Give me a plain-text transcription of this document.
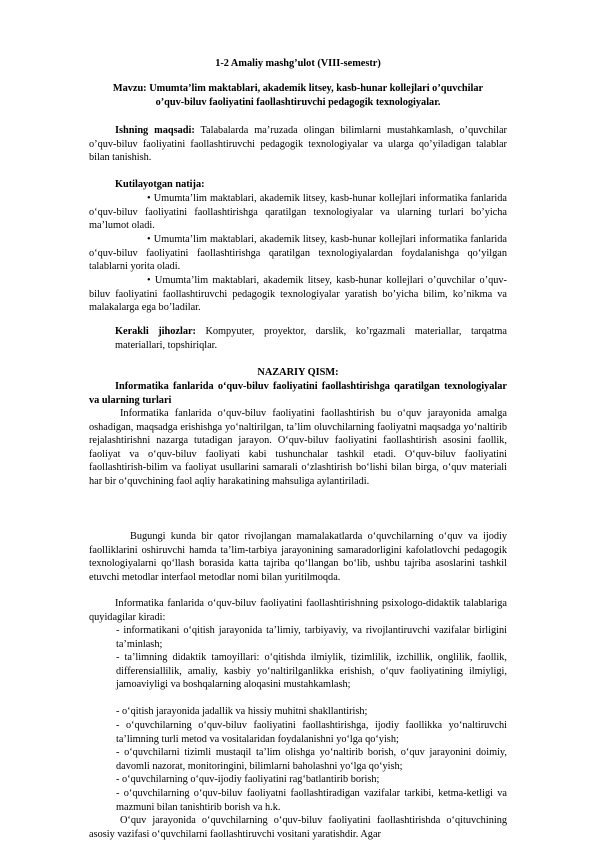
1-2 Amaliy mashg’ulot (VIII-semestr)
Mavzu: Umumta’lim maktablari, akademik litsey, kasb-hunar kollejlari o’quvchilar
o’quv-biluv faoliyatini faollashtiruvchi pedagogik texnologiyalar.
Ishning maqsadi: Talabalarda ma’ruzada olingan bilimlarni mustahkamlash, o’quvchilar o’quv-biluv faoliyatini faollashtiruvchi pedagogik texnologiyalar va ularga qo’yiladigan talablar bilan tanishish.
Kutilayotgan natija:
• Umumta’lim maktablari, akademik litsey, kasb-hunar kollejlari informatika fanlarida o‘quv-biluv faoliyatini faollashtirishga qaratilgan texnologiyalar va ularning turlari bo’yicha ma’lumot oladi.
• Umumta’lim maktablari, akademik litsey, kasb-hunar kollejlari informatika fanlarida o‘quv-biluv faoliyatini faollashtirishga qaratilgan texnologiyalardan foydalanishga qo‘yilgan talablarni yorita oladi.
• Umumta’lim maktablari, akademik litsey, kasb-hunar kollejlari o’quvchilar o’quv-biluv faoliyatini faollashtiruvchi pedagogik texnologiyalar yaratish bo’yicha bilim, ko’nikma va malakalarga ega bo’ladilar.
Kerakli jihozlar: Kompyuter, proyektor, darslik, ko’rgazmali materiallar, tarqatma materiallari, topshiriqlar.
NAZARIY QISM:
Informatika fanlarida o‘quv-biluv faoliyatini faollashtirishga qaratilgan texnologiyalar va ularning turlari
Informatika fanlarida o‘quv-biluv faoliyatini faollashtirish bu o‘quv jarayonida amalga oshadigan, maqsadga erishishga yo‘naltirilgan, ta’lim oluvchilarning faoliyatni maqsadga yo‘naltirib rejalashtirishni nazarga tutadigan jarayon. O‘quv-biluv faoliyatini faollashtirish asosini faollik, faoliyat va o‘quv-biluv faoliyati kabi tushunchalar tashkil etadi. O‘quv-biluv faoliyatini faollashtirish-bilim va faoliyat usullarini samarali o‘zlashtirish bo‘lishi bilan birga, o‘quv materiali har bir o‘quvchining faol aqliy harakatining mahsuliga aylantiriladi.
Bugungi kunda bir qator rivojlangan mamalakatlarda o‘quvchilarning o‘quv va ijodiy faolliklarini oshiruvchi hamda ta’lim-tarbiya jarayonining samaradorligini kafolatlovchi pedagogik texnologiyalarni qo‘llash borasida katta tajriba qo‘llangan bo‘lib, ushbu tajriba asoslarini tashkil etuvchi metodlar interfaol metodlar nomi bilan yuritilmoqda.
Informatika fanlarida o‘quv-biluv faoliyatini faollashtirishning psixologo-didaktik talablariga quyidagilar kiradi:
- informatikani o‘qitish jarayonida ta’limiy, tarbiyaviy, va rivojlantiruvchi vazifalar birligini ta’minlash;
- ta’limning didaktik tamoyillari: o‘qitishda ilmiylik, tizimlilik, izchillik, onglilik, faollik, differensiallilik, amaliy, kasbiy yo‘naltirilganlikka erishish, o‘quv faoliyatining ilmiyligi, jamoaviyligi va boshqalarning aloqasini mustahkamlash;
- o‘qitish jarayonida jadallik va hissiy muhitni shakllantirish;
- o‘quvchilarning o‘quv-biluv faoliyatini faollashtirishga, ijodiy faollikka yo‘naltiruvchi ta’limning turli metod va vositalaridan foydalanishni yo‘lga qo‘yish;
- o‘quvchilarni tizimli mustaqil ta’lim olishga yo‘naltirib borish, o‘quv jarayonini doimiy, davomli nazorat, monitoringini, bilimlarni baholashni yo‘lga qo‘yish;
- o‘quvchilarning o‘quv-ijodiy faoliyatini rag‘batlantirib borish;
- o‘quvchilarning o‘quv-biluv faoliyatni faollashtiradigan vazifalar tarkibi, ketma-ketligi va mazmuni bilan tanishtirib borish va h.k.
O‘quv jarayonida o‘quvchilarning o‘quv-biluv faoliyatini faollashtirishda o‘qituvchining asosiy vazifasi o‘quvchilarni faollashtiruvchi vositani yaratishdir. Agar
